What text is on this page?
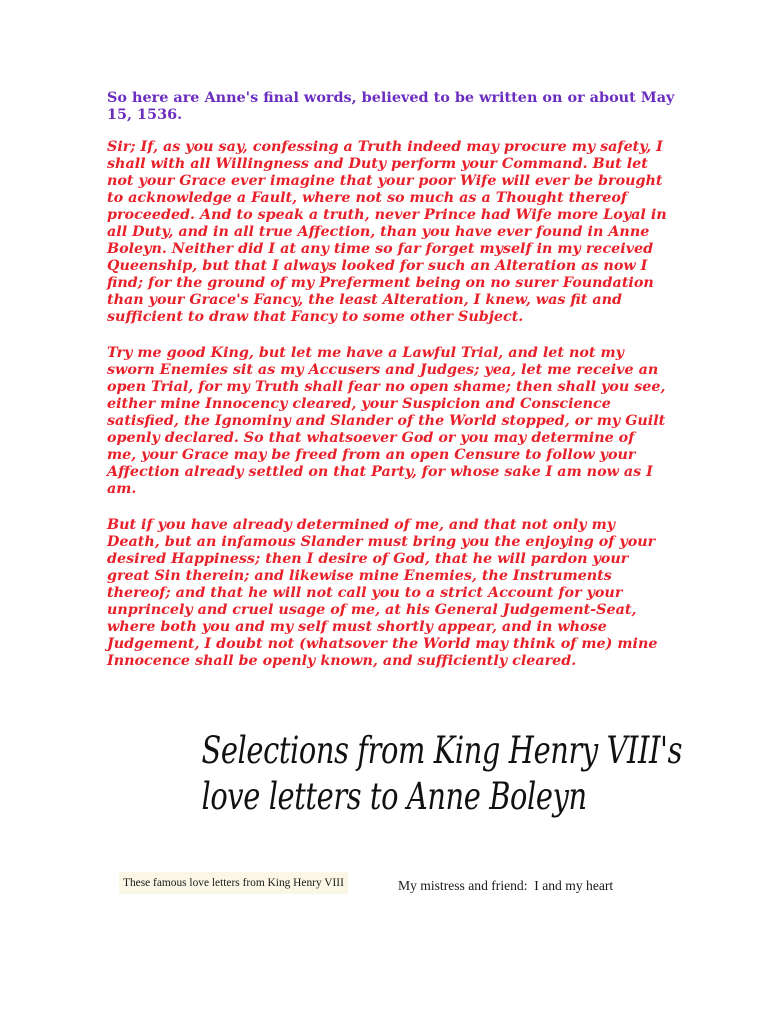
So here are Anne's final words, believed to be written on or about May 15, 1536.

Sir; If, as you say, confessing a Truth indeed may procure my safety, I shall with all Willingness and Duty perform your Command. But let not your Grace ever imagine that your poor Wife will ever be brought to acknowledge a Fault, where not so much as a Thought thereof proceeded. And to speak a truth, never Prince had Wife more Loyal in all Duty, and in all true Affection, than you have ever found in Anne Boleyn. Neither did I at any time so far forget myself in my received Queenship, but that I always looked for such an Alteration as now I find; for the ground of my Preferment being on no surer Foundation than your Grace's Fancy, the least Alteration, I knew, was fit and sufficient to draw that Fancy to some other Subject.

Try me good King, but let me have a Lawful Trial, and let not my sworn Enemies sit as my Accusers and Judges; yea, let me receive an open Trial, for my Truth shall fear no open shame; then shall you see, either mine Innocency cleared, your Suspicion and Conscience satisfied, the Ignominy and Slander of the World stopped, or my Guilt openly declared. So that whatsoever God or you may determine of me, your Grace may be freed from an open Censure to follow your Affection already settled on that Party, for whose sake I am now as I am.

But if you have already determined of me, and that not only my Death, but an infamous Slander must bring you the enjoying of your desired Happiness; then I desire of God, that he will pardon your great Sin therein; and likewise mine Enemies, the Instruments thereof; and that he will not call you to a strict Account for your unprincely and cruel usage of me, at his General Judgement-Seat, where both you and my self must shortly appear, and in whose Judgement, I doubt not (whatsover the World may think of me) mine Innocence shall be openly known, and sufficiently cleared.

Selections from King Henry VIII's
love letters to Anne Boleyn
These famous love letters from King Henry VIII	My mistress and friend:  I and my heart
